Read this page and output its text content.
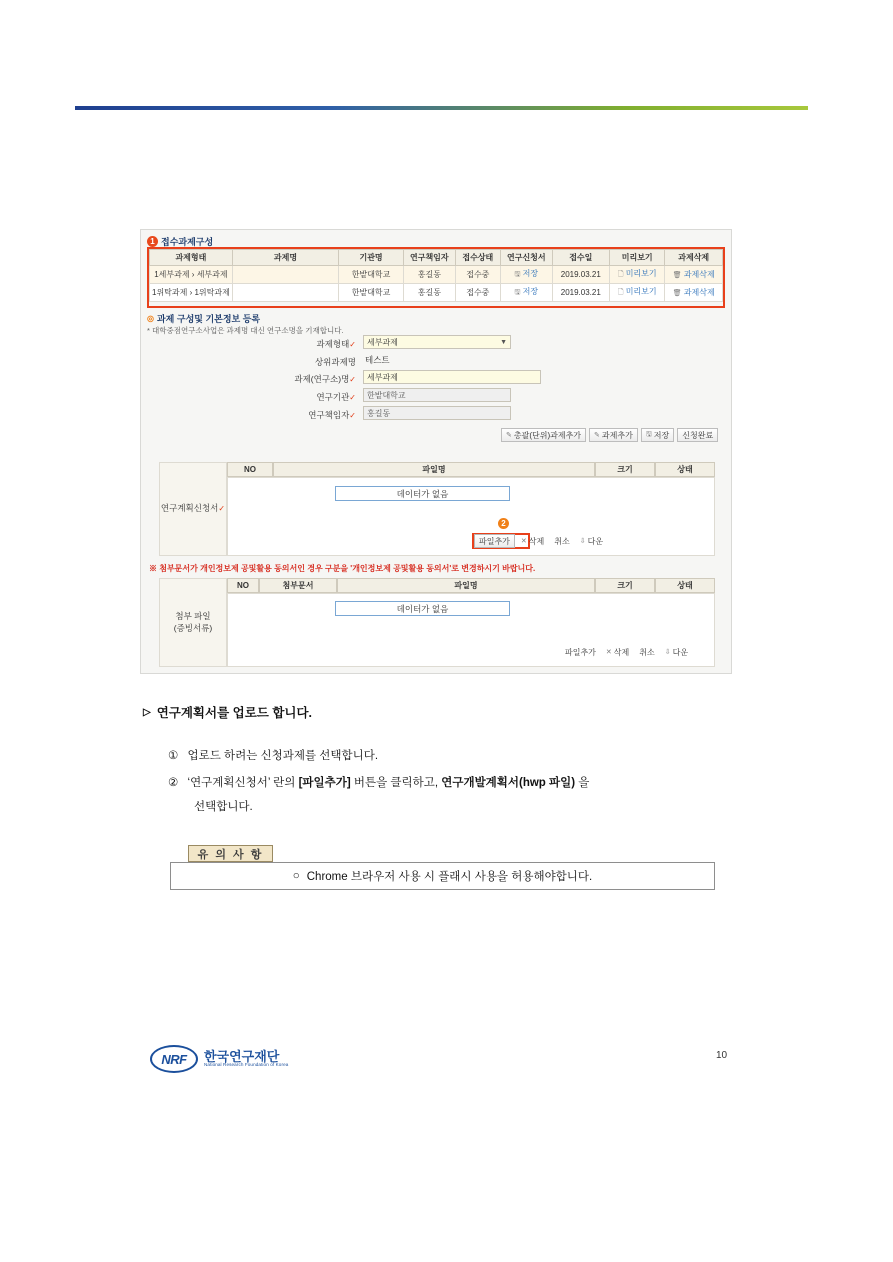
1 접수과제구성
과제형태	과제명	기관명	연구책임자	접수상태	연구신청서	접수일	미리보기	과제삭제
1세부과제 › 세부과제		한밭대학교	홍길동	접수중	🖫 저장	2019.03.21	🗋 미리보기	🗑 과제삭제
1위탁과제 › 1위탁과제		한밭대학교	홍길동	접수중	🖫 저장	2019.03.21	🗋 미리보기	🗑 과제삭제
◎ 과제 구성및 기본정보 등록
* 대학중점연구소사업은 과제명 대신 연구소명을 기재합니다.
과제형태✓ 세부과제	▼
상위과제명 테스트
과제(연구소)명✓ 세부과제
연구기관✓ 한밭대학교
연구책임자✓ 홍길동
✎ 총괄(단위)과제추가 ✎ 과제추가 🖫 저장 신청완료
연구계획신청서✓
NO	파일명	크기	상태
데이터가 없음
2
파일추가 ✕ 삭제 취소 ⇩ 다운
※ 첨부문서가 개인정보제 공및활용 동의서인 경우 구분을 '개인정보제 공및활용 동의서'로 변경하시기 바랍니다.
첨부 파일
(증빙서류)
NO	첨부문서	파일명	크기	상태
데이터가 없음
파일추가 ✕ 삭제 취소 ⇩ 다운
▷ 연구계획서를 업로드 합니다.
① 업로드 하려는 신청과제를 선택합니다.
② ‘연구계획신청서’ 란의 [파일추가] 버튼을 클릭하고, 연구개발계획서(hwp 파일) 을
선택합니다.
유 의 사 항
○ Chrome 브라우저 사용 시 플래시 사용을 허용해야합니다.
NRF	한국연구재단
National Research Foundation of Korea
10
